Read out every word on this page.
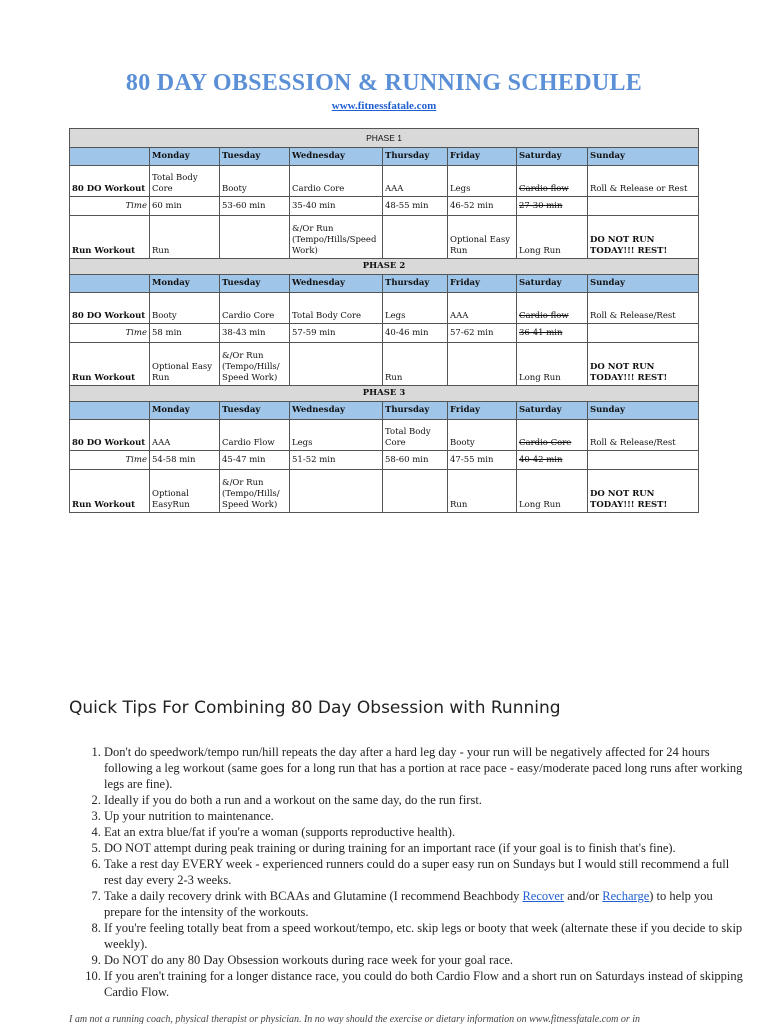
80 DAY OBSESSION & RUNNING SCHEDULE
www.fitnessfatale.com
PHASE 1							
	Monday	Tuesday	Wednesday	Thursday	Friday	Saturday	Sunday
80 DO Workout	Total Body Core	Booty	Cardio Core	AAA	Legs	Cardio flow	Roll & Release or Rest
Time	60 min	53-60 min	35-40 min	48-55 min	46-52 min	27-30 min	
Run Workout	Run		&/Or Run (Tempo/Hills/Speed Work)		Optional Easy Run	Long Run	DO NOT RUN TODAY!!! REST!
PHASE 2							
	Monday	Tuesday	Wednesday	Thursday	Friday	Saturday	Sunday
80 DO Workout	Booty	Cardio Core	Total Body Core	Legs	AAA	Cardio flow	Roll & Release/Rest
Time	58 min	38-43 min	57-59 min	40-46 min	57-62 min	36-41 min	
Run Workout	Optional Easy Run	&/Or Run (Tempo/Hills/ Speed Work)		Run		Long Run	DO NOT RUN TODAY!!! REST!
PHASE 3							
	Monday	Tuesday	Wednesday	Thursday	Friday	Saturday	Sunday
80 DO Workout	AAA	Cardio Flow	Legs	Total Body Core	Booty	Cardio Core	Roll & Release/Rest
Time	54-58 min	45-47 min	51-52 min	58-60 min	47-55 min	40-42 min	
Run Workout	Optional EasyRun	&/Or Run (Tempo/Hills/ Speed Work)			Run	Long Run	DO NOT RUN TODAY!!! REST!
Quick Tips For Combining 80 Day Obsession with Running
1. Don't do speedwork/tempo run/hill repeats the day after a hard leg day - your run will be negatively affected for 24 hours following a leg workout (same goes for a long run that has a portion at race pace - easy/moderate paced long runs after working legs are fine).
2. Ideally if you do both a run and a workout on the same day, do the run first.
3. Up your nutrition to maintenance.
4. Eat an extra blue/fat if you're a woman (supports reproductive health).
5. DO NOT attempt during peak training or during training for an important race (if your goal is to finish that's fine).
6. Take a rest day EVERY week - experienced runners could do a super easy run on Sundays but I would still recommend a full rest day every 2-3 weeks.
7. Take a daily recovery drink with BCAAs and Glutamine (I recommend Beachbody Recover and/or Recharge) to help you prepare for the intensity of the workouts.
8. If you're feeling totally beat from a speed workout/tempo, etc. skip legs or booty that week (alternate these if you decide to skip weekly).
9. Do NOT do any 80 Day Obsession workouts during race week for your goal race.
10. If you aren't training for a longer distance race, you could do both Cardio Flow and a short run on Saturdays instead of skipping Cardio Flow.
I am not a running coach, physical therapist or physician. In no way should the exercise or dietary information on www.fitnessfatale.com or in
